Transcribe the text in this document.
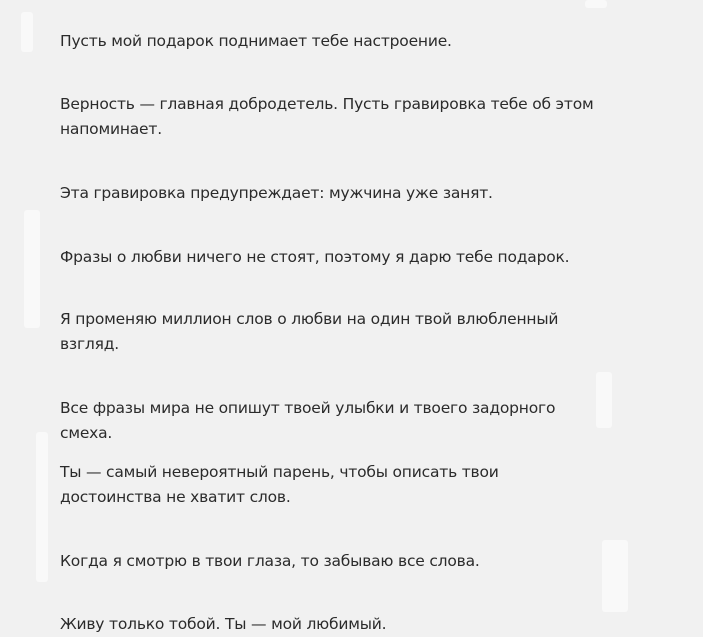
Пусть мой подарок поднимает тебе настроение.

Верность — главная добродетель. Пусть гравировка тебе об этом напоминает.

Эта гравировка предупреждает: мужчина уже занят.

Фразы о любви ничего не стоят, поэтому я дарю тебе подарок.

Я променяю миллион слов о любви на один твой влюбленный взгляд.

Все фразы мира не опишут твоей улыбки и твоего задорного смеха.

Ты — самый невероятный парень, чтобы описать твои достоинства не хватит слов.

Когда я смотрю в твои глаза, то забываю все слова.

Живу только тобой. Ты — мой любимый.
